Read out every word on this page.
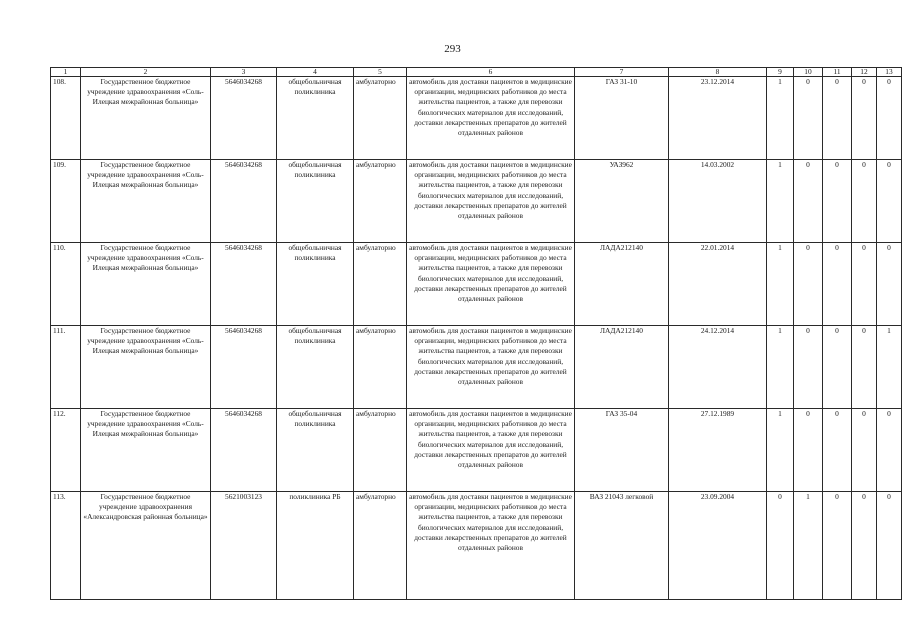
293
1	2	3	4	5	6	7	8	9	10	11	12	13
108.	Государственное бюджетное учреждение здравоохранения «Соль-Илецкая межрайонная больница»	5646034268	общебольничная поликлиника	амбулаторно	автомобиль для доставки пациентов в медицинские организации, медицинских работников до места жительства пациентов, а также для перевозки биологических материалов для исследований, доставки лекарственных препаратов до жителей отдаленных районов	ГАЗ 31-10	23.12.2014	1	0	0	0	0
109.	Государственное бюджетное учреждение здравоохранения «Соль-Илецкая межрайонная больница»	5646034268	общебольничная поликлиника	амбулаторно	автомобиль для доставки пациентов в медицинские организации, медицинских работников до места жительства пациентов, а также для перевозки биологических материалов для исследований, доставки лекарственных препаратов до жителей отдаленных районов	УАЗ962	14.03.2002	1	0	0	0	0
110.	Государственное бюджетное учреждение здравоохранения «Соль-Илецкая межрайонная больница»	5646034268	общебольничная поликлиника	амбулаторно	автомобиль для доставки пациентов в медицинские организации, медицинских работников до места жительства пациентов, а также для перевозки биологических материалов для исследований, доставки лекарственных препаратов до жителей отдаленных районов	ЛАДА212140	22.01.2014	1	0	0	0	0
111.	Государственное бюджетное учреждение здравоохранения «Соль-Илецкая межрайонная больница»	5646034268	общебольничная поликлиника	амбулаторно	автомобиль для доставки пациентов в медицинские организации, медицинских работников до места жительства пациентов, а также для перевозки биологических материалов для исследований, доставки лекарственных препаратов до жителей отдаленных районов	ЛАДА212140	24.12.2014	1	0	0	0	1
112.	Государственное бюджетное учреждение здравоохранения «Соль-Илецкая межрайонная больница»	5646034268	общебольничная поликлиника	амбулаторно	автомобиль для доставки пациентов в медицинские организации, медицинских работников до места жительства пациентов, а также для перевозки биологических материалов для исследований, доставки лекарственных препаратов до жителей отдаленных районов	ГАЗ 35-04	27.12.1989	1	0	0	0	0
113.	Государственное бюджетное учреждение здравоохранения «Александровская районная больница»	5621003123	поликлиника РБ	амбулаторно	автомобиль для доставки пациентов в медицинские организации, медицинских работников до места жительства пациентов, а также для перевозки биологических материалов для исследований, доставки лекарственных препаратов до жителей отдаленных районов	ВАЗ 21043 легковой	23.09.2004	0	1	0	0	0
